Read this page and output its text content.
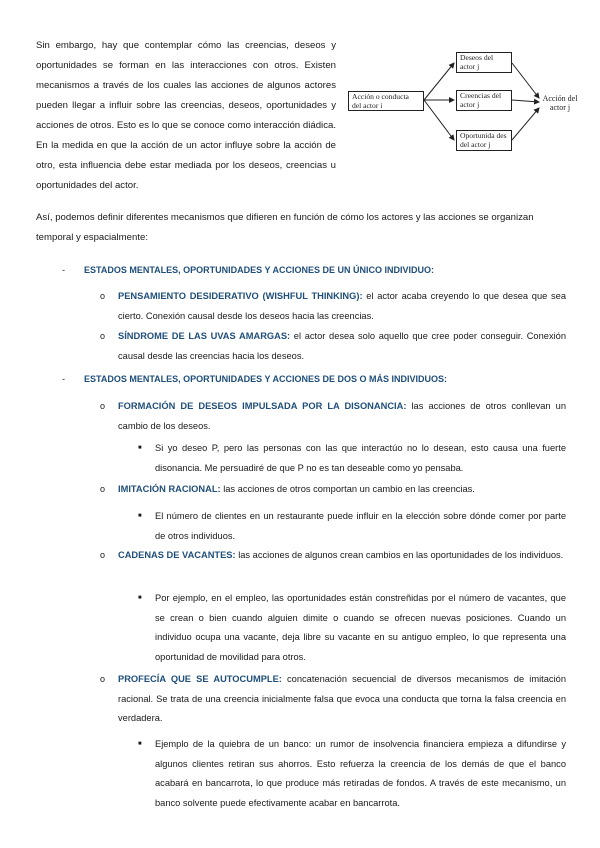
Sin embargo, hay que contemplar cómo las creencias, deseos y oportunidades se forman en las interacciones con otros. Existen mecanismos a través de los cuales las acciones de algunos actores pueden llegar a influir sobre las creencias, deseos, oportunidades y acciones de otros. Esto es lo que se conoce como interacción diádica. En la medida en que la acción de un actor influye sobre la acción de otro, esta influencia debe estar mediada por los deseos, creencias u oportunidades del actor.

Acción o conducta del actor i
Deseos del actor j
Creencias del actor j
Oportunida des del actor j
Acción del actor j

Así, podemos definir diferentes mecanismos que difieren en función de cómo los actores y las acciones se organizan temporal y espacialmente:

- ESTADOS MENTALES, OPORTUNIDADES Y ACCIONES DE UN ÚNICO INDIVIDUO:
o PENSAMIENTO DESIDERATIVO (WISHFUL THINKING): el actor acaba creyendo lo que desea que sea cierto. Conexión causal desde los deseos hacia las creencias.
o SÍNDROME DE LAS UVAS AMARGAS: el actor desea solo aquello que cree poder conseguir. Conexión causal desde las creencias hacia los deseos.
- ESTADOS MENTALES, OPORTUNIDADES Y ACCIONES DE DOS O MÁS INDIVIDUOS:
o FORMACIÓN DE DESEOS IMPULSADA POR LA DISONANCIA: las acciones de otros conllevan un cambio de los deseos.
■ Si yo deseo P, pero las personas con las que interactúo no lo desean, esto causa una fuerte disonancia. Me persuadiré de que P no es tan deseable como yo pensaba.
o IMITACIÓN RACIONAL: las acciones de otros comportan un cambio en las creencias.
■ El número de clientes en un restaurante puede influir en la elección sobre dónde comer por parte de otros individuos.
o CADENAS DE VACANTES: las acciones de algunos crean cambios en las oportunidades de los individuos.
■ Por ejemplo, en el empleo, las oportunidades están constreñidas por el número de vacantes, que se crean o bien cuando alguien dimite o cuando se ofrecen nuevas posiciones. Cuando un individuo ocupa una vacante, deja libre su vacante en su antiguo empleo, lo que representa una oportunidad de movilidad para otros.
o PROFECÍA QUE SE AUTOCUMPLE: concatenación secuencial de diversos mecanismos de imitación racional. Se trata de una creencia inicialmente falsa que evoca una conducta que torna la falsa creencia en verdadera.
■ Ejemplo de la quiebra de un banco: un rumor de insolvencia financiera empieza a difundirse y algunos clientes retiran sus ahorros. Esto refuerza la creencia de los demás de que el banco acabará en bancarrota, lo que produce más retiradas de fondos. A través de este mecanismo, un banco solvente puede efectivamente acabar en bancarrota.
